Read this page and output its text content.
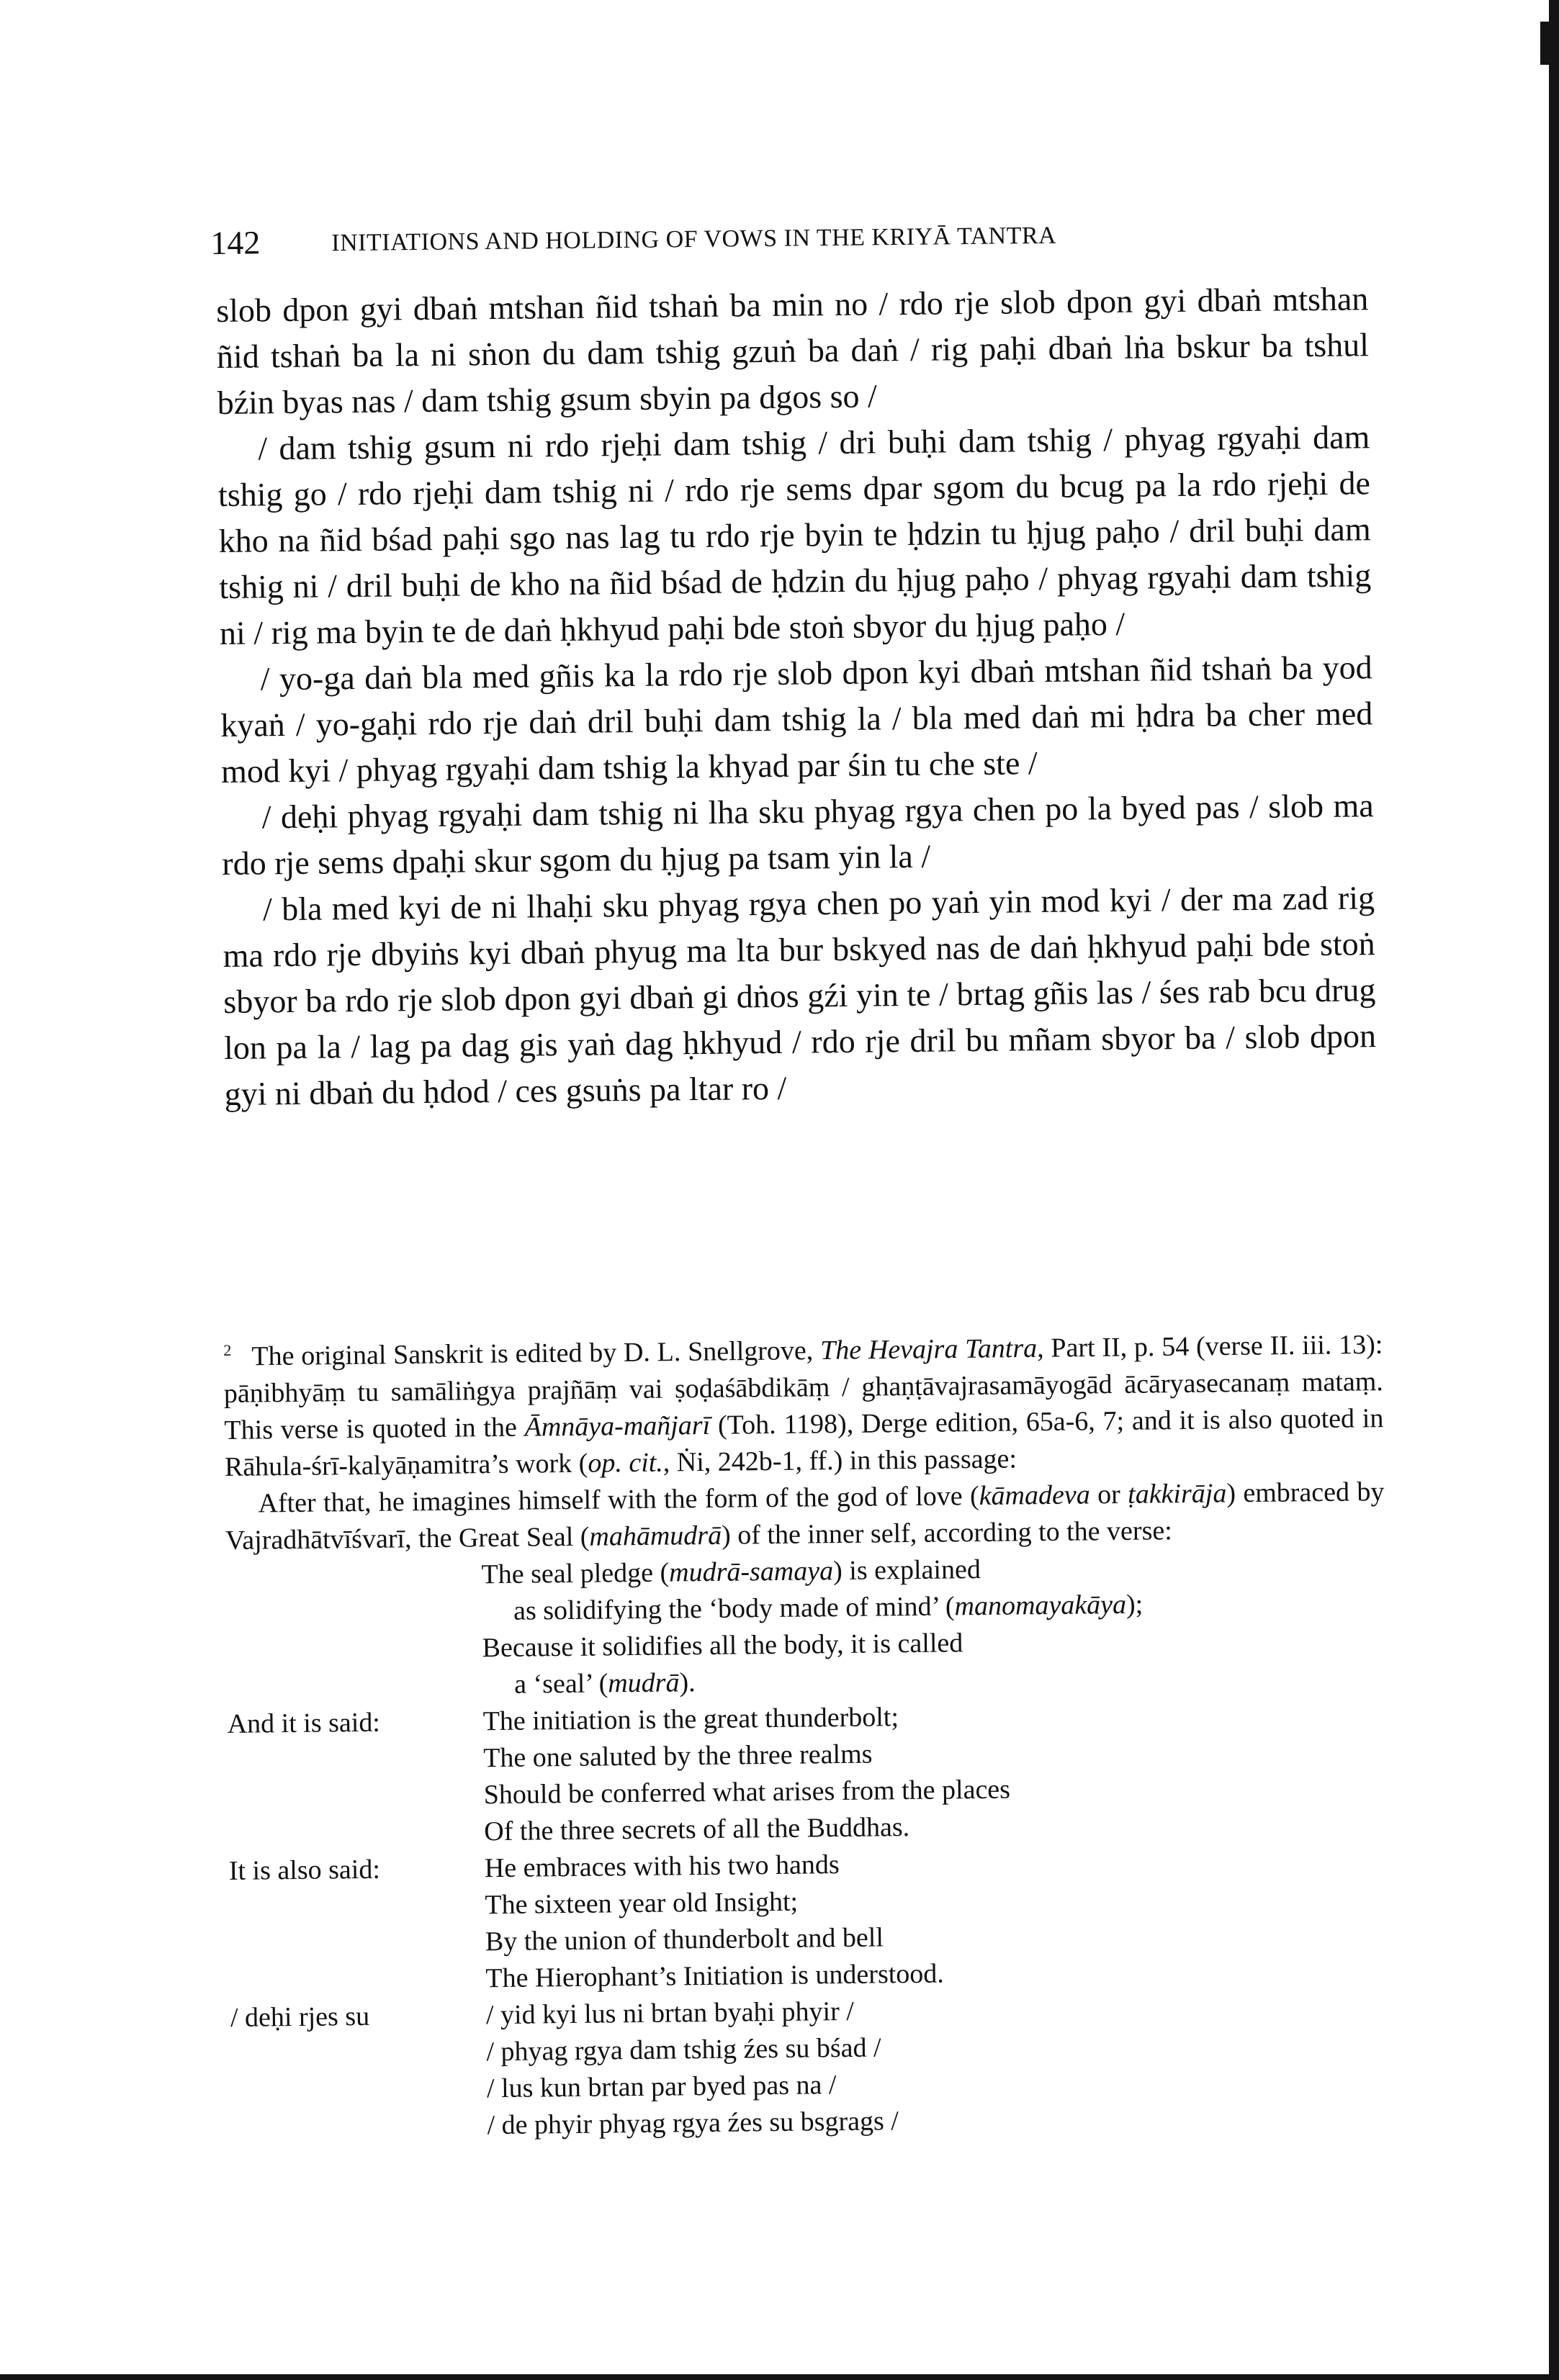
142	INITIATIONS AND HOLDING OF VOWS IN THE KRIYĀ TANTRA

slob dpon gyi dbaṅ mtshan ñid tshaṅ ba min no / rdo rje slob dpon gyi dbaṅ mtshan ñid tshaṅ ba la ni sṅon du dam tshig gzuṅ ba daṅ / rig paḥi dbaṅ lṅa bskur ba tshul bźin byas nas / dam tshig gsum sbyin pa dgos so /

/ dam tshig gsum ni rdo rjeḥi dam tshig / dri buḥi dam tshig / phyag rgyaḥi dam tshig go / rdo rjeḥi dam tshig ni / rdo rje sems dpar sgom du bcug pa la rdo rjeḥi de kho na ñid bśad paḥi sgo nas lag tu rdo rje byin te ḥdzin tu ḥjug paḥo / dril buḥi dam tshig ni / dril buḥi de kho na ñid bśad de ḥdzin du ḥjug paḥo / phyag rgyaḥi dam tshig ni / rig ma byin te de daṅ ḥkhyud paḥi bde stoṅ sbyor du ḥjug paḥo /

/ yo-ga daṅ bla med gñis ka la rdo rje slob dpon kyi dbaṅ mtshan ñid tshaṅ ba yod kyaṅ / yo-gaḥi rdo rje daṅ dril buḥi dam tshig la / bla med daṅ mi ḥdra ba cher med mod kyi / phyag rgyaḥi dam tshig la khyad par śin tu che ste /

/ deḥi phyag rgyaḥi dam tshig ni lha sku phyag rgya chen po la byed pas / slob ma rdo rje sems dpaḥi skur sgom du ḥjug pa tsam yin la /

/ bla med kyi de ni lhaḥi sku phyag rgya chen po yaṅ yin mod kyi / der ma zad rig ma rdo rje dbyiṅs kyi dbaṅ phyug ma lta bur bskyed nas de daṅ ḥkhyud paḥi bde stoṅ sbyor ba rdo rje slob dpon gyi dbaṅ gi dṅos gźi yin te / brtag gñis las / śes rab bcu drug lon pa la / lag pa dag gis yaṅ dag ḥkhyud / rdo rje dril bu mñam sbyor ba / slob dpon gyi ni dbaṅ du ḥdod / ces gsuṅs pa ltar ro /

$^2$ The original Sanskrit is edited by D. L. Snellgrove, The Hevajra Tantra, Part II, p. 54 (verse II. iii. 13): pāṇibhyāṃ tu samāliṅgya prajñāṃ vai ṣoḍaśābdikāṃ / ghaṇṭāvajrasamāyogād ācāryasecanaṃ mataṃ. This verse is quoted in the Āmnāya-mañjarī (Toh. 1198), Derge edition, 65a-6, 7; and it is also quoted in Rāhula-śrī-kalyāṇamitra’s work (op. cit., Ṅi, 242b-1, ff.) in this passage:

After that, he imagines himself with the form of the god of love (kāmadeva or ṭakkirāja) embraced by Vajradhātvīśvarī, the Great Seal (mahāmudrā) of the inner self, according to the verse:

The seal pledge (mudrā-samaya) is explained
as solidifying the ‘body made of mind’ (manomayakāya);
Because it solidifies all the body, it is called
a ‘seal’ (mudrā).
And it is said:	The initiation is the great thunderbolt;
The one saluted by the three realms
Should be conferred what arises from the places
Of the three secrets of all the Buddhas.
It is also said:	He embraces with his two hands
The sixteen year old Insight;
By the union of thunderbolt and bell
The Hierophant’s Initiation is understood.
/ deḥi rjes su	/ yid kyi lus ni brtan byaḥi phyir /
/ phyag rgya dam tshig źes su bśad /
/ lus kun brtan par byed pas na /
/ de phyir phyag rgya źes su bsgrags /
